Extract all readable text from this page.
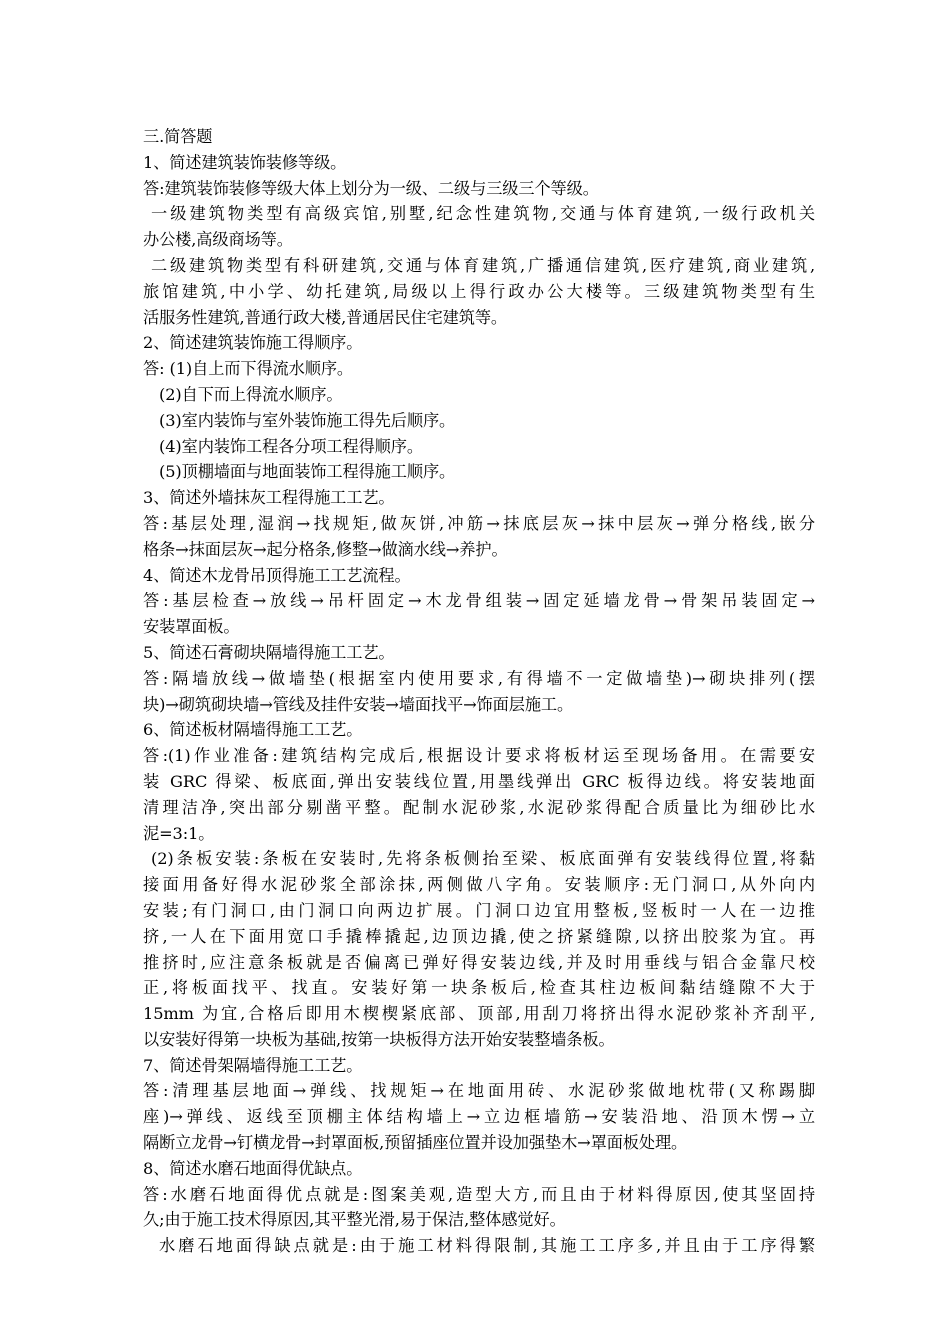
三.简答题
1、简述建筑装饰装修等级。
答:建筑装饰装修等级大体上划分为一级、二级与三级三个等级。
一级建筑物类型有高级宾馆,别墅,纪念性建筑物,交通与体育建筑,一级行政机关
办公楼,高级商场等。
二级建筑物类型有科研建筑,交通与体育建筑,广播通信建筑,医疗建筑,商业建筑,
旅馆建筑,中小学、幼托建筑,局级以上得行政办公大楼等。三级建筑物类型有生
活服务性建筑,普通行政大楼,普通居民住宅建筑等。
2、简述建筑装饰施工得顺序。
答: (1)自上而下得流水顺序。
(2)自下而上得流水顺序。
(3)室内装饰与室外装饰施工得先后顺序。
(4)室内装饰工程各分项工程得顺序。
(5)顶棚墙面与地面装饰工程得施工顺序。
3、简述外墙抹灰工程得施工工艺。
答:基层处理,湿润→找规矩,做灰饼,冲筋→抹底层灰→抹中层灰→弹分格线,嵌分
格条→抹面层灰→起分格条,修整→做滴水线→养护。
4、简述木龙骨吊顶得施工工艺流程。
答:基层检查→放线→吊杆固定→木龙骨组装→固定延墙龙骨→骨架吊装固定→
安装罩面板。
5、简述石膏砌块隔墙得施工工艺。
答:隔墙放线→做墙垫(根据室内使用要求,有得墙不一定做墙垫)→砌块排列(摆
块)→砌筑砌块墙→管线及挂件安装→墙面找平→饰面层施工。
6、简述板材隔墙得施工工艺。
答:(1)作业准备:建筑结构完成后,根据设计要求将板材运至现场备用。在需要安
装 GRC 得梁、板底面,弹出安装线位置,用墨线弹出 GRC 板得边线。将安装地面
清理洁净,突出部分剔凿平整。配制水泥砂浆,水泥砂浆得配合质量比为细砂比水
泥=3:1。
(2)条板安装:条板在安装时,先将条板侧抬至梁、板底面弹有安装线得位置,将黏
接面用备好得水泥砂浆全部涂抹,两侧做八字角。安装顺序:无门洞口,从外向内
安装;有门洞口,由门洞口向两边扩展。门洞口边宜用整板,竖板时一人在一边推
挤,一人在下面用宽口手撬棒撬起,边顶边撬,使之挤紧缝隙,以挤出胶浆为宜。再
推挤时,应注意条板就是否偏离已弹好得安装边线,并及时用垂线与铝合金靠尺校
正,将板面找平、找直。安装好第一块条板后,检查其柱边板间黏结缝隙不大于
15mm 为宜,合格后即用木楔楔紧底部、顶部,用刮刀将挤出得水泥砂浆补齐刮平,
以安装好得第一块板为基础,按第一块板得方法开始安装整墙条板。
7、简述骨架隔墙得施工工艺。
答:清理基层地面→弹线、找规矩→在地面用砖、水泥砂浆做地枕带(又称踢脚
座)→弹线、返线至顶棚主体结构墙上→立边框墙筋→安装沿地、沿顶木愣→立
隔断立龙骨→钉横龙骨→封罩面板,预留插座位置并设加强垫木→罩面板处理。
8、简述水磨石地面得优缺点。
答:水磨石地面得优点就是:图案美观,造型大方,而且由于材料得原因,使其坚固持
久;由于施工技术得原因,其平整光滑,易于保洁,整体感觉好。
水磨石地面得缺点就是:由于施工材料得限制,其施工工序多,并且由于工序得繁
